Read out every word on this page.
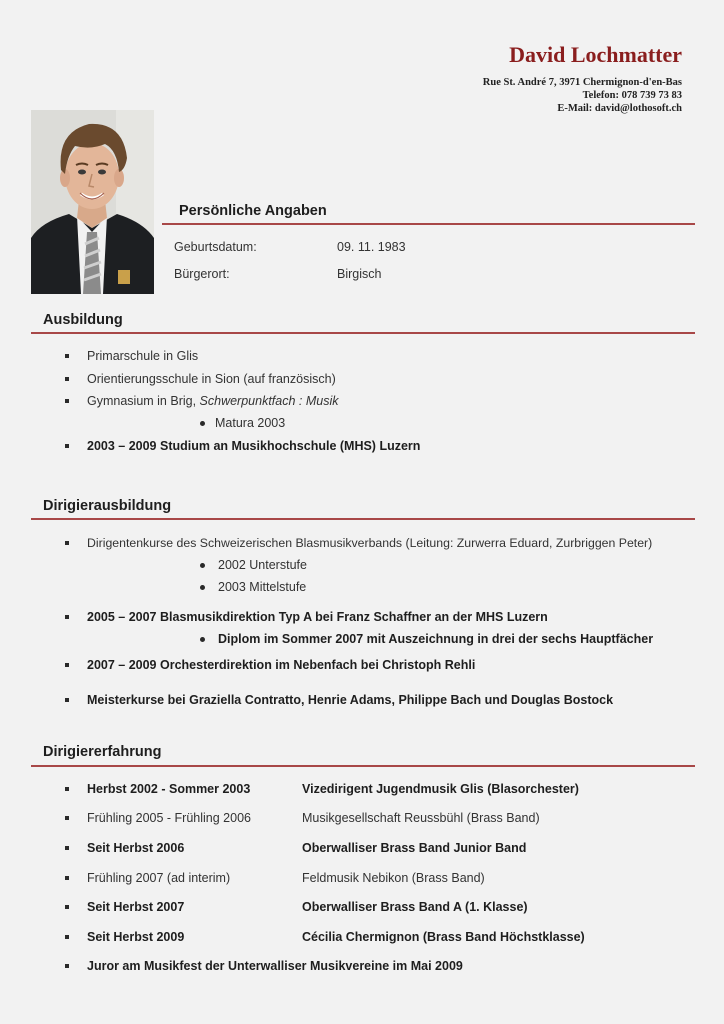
David Lochmatter
Rue St. André 7, 3971 Chermignon-d'en-Bas
Telefon: 078 739 73 83
E-Mail: david@lothosoft.ch
Persönliche Angaben
Geburtsdatum:	09. 11. 1983
Bürgerort:	Birgisch
Ausbildung
Primarschule in Glis
Orientierungsschule in Sion (auf französisch)
Gymnasium in Brig, Schwerpunktfach : Musik
Matura 2003
2003 – 2009 Studium an Musikhochschule (MHS) Luzern
Dirigierausbildung
Dirigentenkurse des Schweizerischen Blasmusikverbands (Leitung: Zurwerra Eduard, Zurbriggen Peter)
2002 Unterstufe
2003 Mittelstufe
2005 – 2007 Blasmusikdirektion Typ A bei Franz Schaffner an der MHS Luzern
Diplom im Sommer 2007 mit Auszeichnung in drei der sechs Hauptfächer
2007 – 2009 Orchesterdirektion im Nebenfach bei Christoph Rehli
Meisterkurse bei Graziella Contratto, Henrie Adams, Philippe Bach und Douglas Bostock
Dirigiererfahrung
Herbst 2002 - Sommer 2003	Vizedirigent Jugendmusik Glis (Blasorchester)
Frühling 2005 - Frühling 2006	Musikgesellschaft Reussbühl (Brass Band)
Seit Herbst 2006	Oberwalliser Brass Band Junior Band
Frühling 2007 (ad interim)	Feldmusik Nebikon (Brass Band)
Seit Herbst 2007	Oberwalliser Brass Band A (1. Klasse)
Seit Herbst 2009	Cécilia Chermignon (Brass Band Höchstklasse)
Juror am Musikfest der Unterwalliser Musikvereine im Mai 2009
